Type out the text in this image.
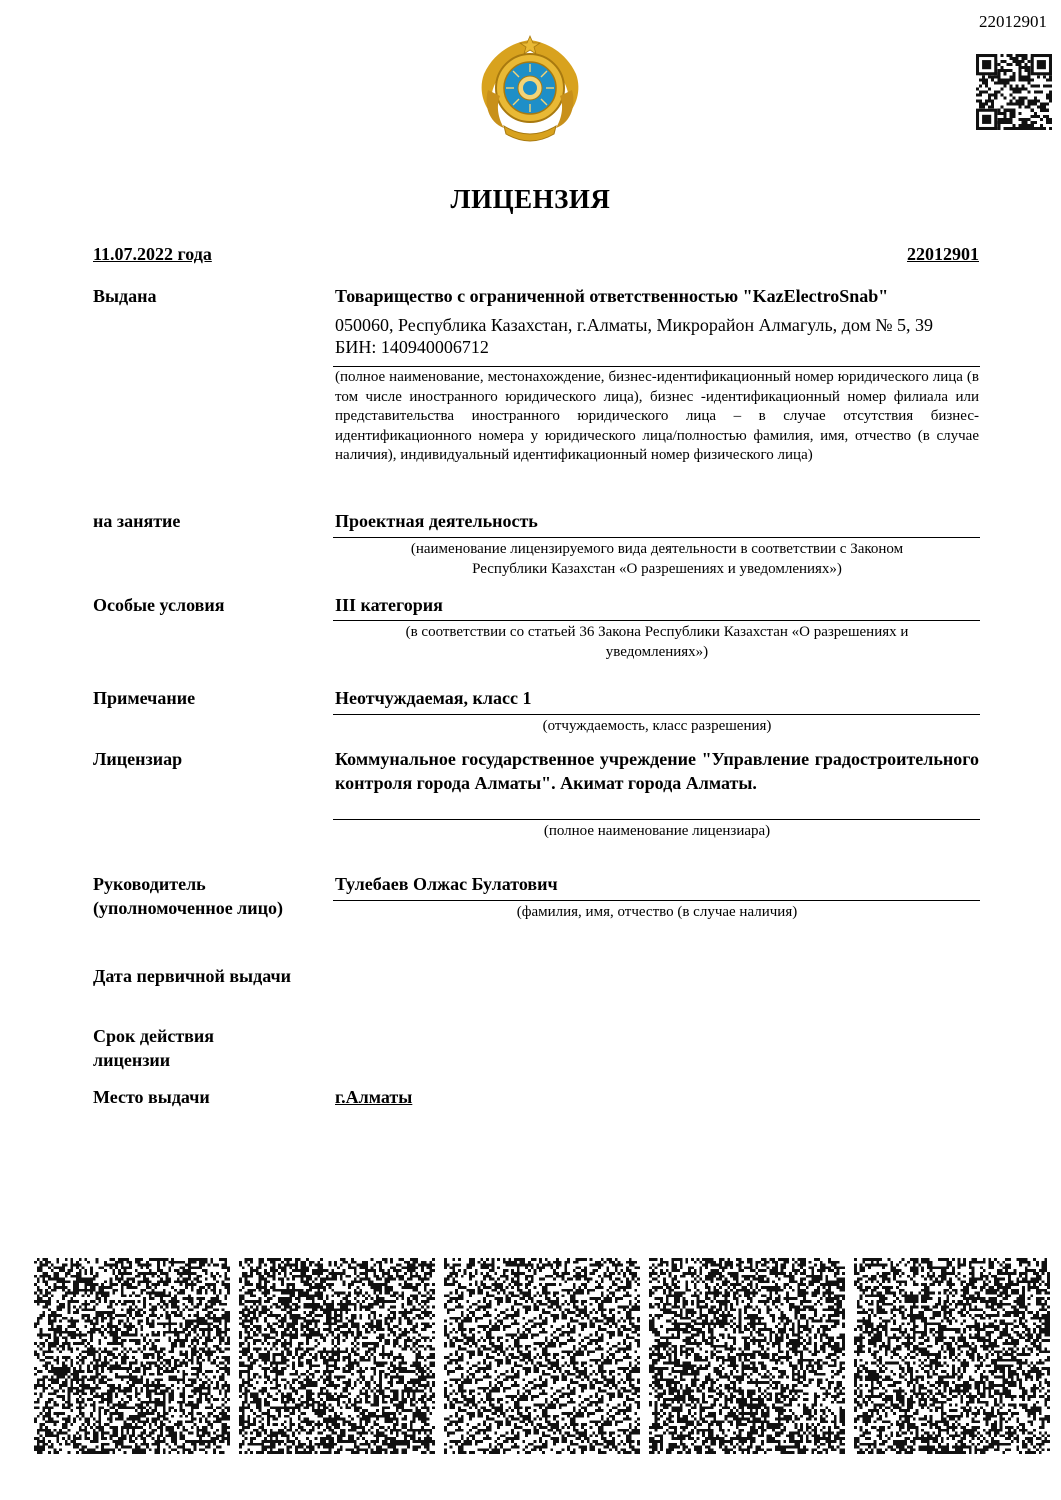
22012901
ЛИЦЕНЗИЯ
11.07.2022 года	22012901
Выдана	Товарищество с ограниченной ответственностью "KazElectroSnab"
050060, Республика Казахстан, г.Алматы, Микрорайон Алмагуль, дом № 5, 39
БИН: 140940006712
(полное наименование, местонахождение, бизнес-идентификационный номер юридического лица (в том числе иностранного юридического лица), бизнес -идентификационный номер филиала или представительства иностранного юридического лица – в случае отсутствия бизнес-идентификационного номера у юридического лица/полностью фамилия, имя, отчество (в случае наличия), индивидуальный идентификационный номер физического лица)
на занятие	Проектная деятельность
(наименование лицензируемого вида деятельности в соответствии с Законом
Республики Казахстан «О разрешениях и уведомлениях»)
Особые условия	III категория
(в соответствии со статьей 36 Закона Республики Казахстан «О разрешениях и
уведомлениях»)
Примечание	Неотчуждаемая, класс 1
(отчуждаемость, класс разрешения)
Лицензиар	Коммунальное государственное учреждение "Управление градостроительного контроля города Алматы". Акимат города Алматы.
(полное наименование лицензиара)
Руководитель
(уполномоченное лицо)
Тулебаев Олжас Булатович
(фамилия, имя, отчество (в случае наличия)
Дата первичной выдачи
Срок действия
лицензии
Место выдачи	г.Алматы
